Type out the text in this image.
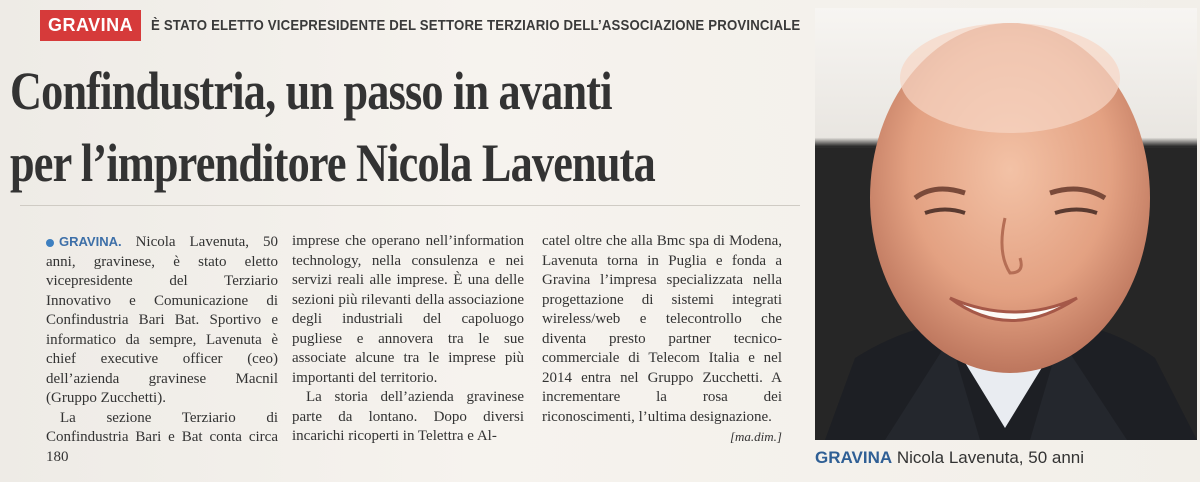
GRAVINA	È STATO ELETTO VICEPRESIDENTE DEL SETTORE TERZIARIO DELL’ASSOCIAZIONE PROVINCIALE
Confindustria, un passo in avanti
per l’imprenditore Nicola Lavenuta

GRAVINA. Nicola Lavenuta, 50 anni, gravinese, è stato eletto vicepresidente del Terziario Innovativo e Comunicazione di Confindustria Bari Bat. Sportivo e informatico da sempre, Lavenuta è chief executive officer (ceo) dell’azienda gravinese Macnil (Gruppo Zucchetti).

La sezione Terziario di Confindustria Bari e Bat conta circa 180

imprese che operano nell’information technology, nella consulenza e nei servizi reali alle imprese. È una delle sezioni più rilevanti della associazione degli industriali del capoluogo pugliese e annovera tra le sue associate alcune tra le imprese più importanti del territorio.

La storia dell’azienda gravinese parte da lontano. Dopo diversi incarichi ricoperti in Telettra e Al-

catel oltre che alla Bmc spa di Modena, Lavenuta torna in Puglia e fonda a Gravina l’impresa specializzata nella progettazione di sistemi integrati wireless/web e telecontrollo che diventa presto partner tecnico-commerciale di Telecom Italia e nel 2014 entra nel Gruppo Zucchetti. A incrementare la rosa dei riconoscimenti, l’ultima designazione.

[ma.dim.]
GRAVINA Nicola Lavenuta, 50 anni
